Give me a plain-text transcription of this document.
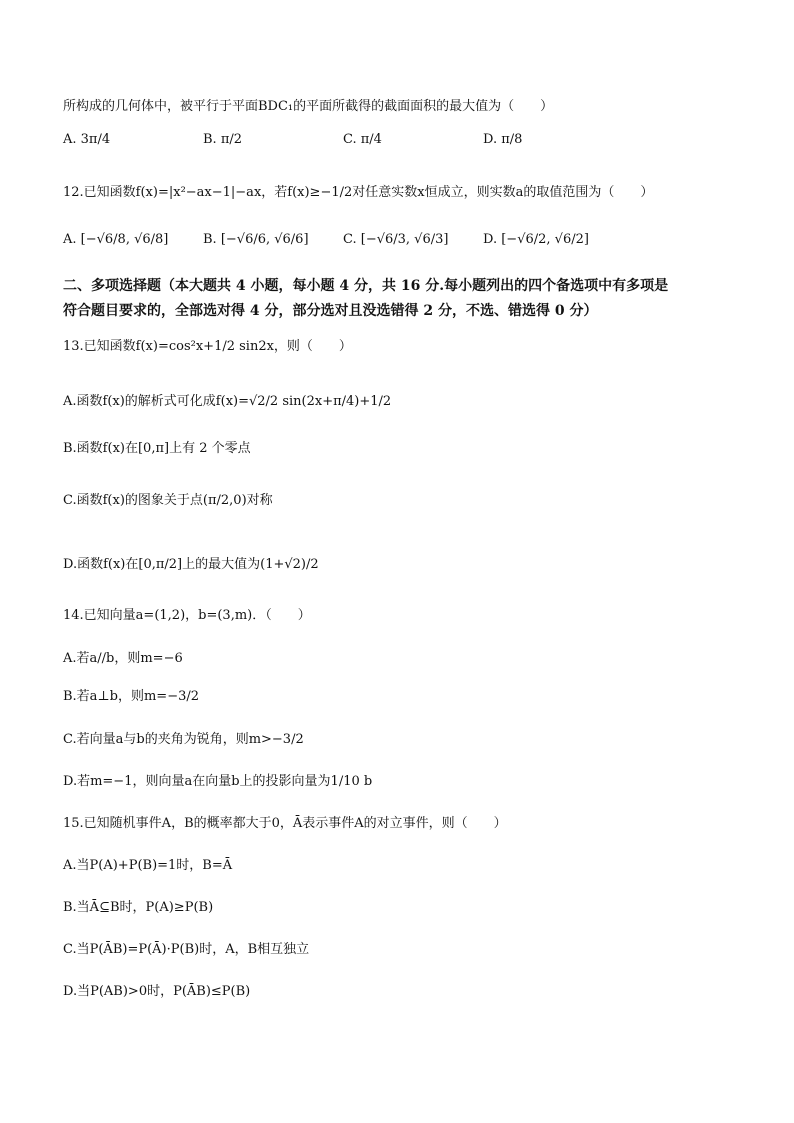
所构成的几何体中，被平行于平面BDC₁的平面所截得的截面面积的最大值为（　　）
A. 3π/4	B. π/2	C. π/4	D. π/8
12.已知函数f(x)=|x²−ax−1|−ax，若f(x)≥−1/2对任意实数x恒成立，则实数a的取值范围为（　　）
A. [−√6/8, √6/8]	B. [−√6/6, √6/6]	C. [−√6/3, √6/3]	D. [−√6/2, √6/2]
二、多项选择题（本大题共 4 小题，每小题 4 分，共 16 分.每小题列出的四个备选项中有多项是
符合题目要求的，全部选对得 4 分，部分选对且没选错得 2 分，不选、错选得 0 分）
13.已知函数f(x)=cos²x+1/2 sin2x，则（　　）
A.函数f(x)的解析式可化成f(x)=√2/2 sin(2x+π/4)+1/2
B.函数f(x)在[0,π]上有 2 个零点
C.函数f(x)的图象关于点(π/2,0)对称
D.函数f(x)在[0,π/2]上的最大值为(1+√2)/2
14.已知向量a=(1,2)，b=(3,m)．（　　）
A.若a//b，则m=−6
B.若a⊥b，则m=−3/2
C.若向量a与b的夹角为锐角，则m>−3/2
D.若m=−1，则向量a在向量b上的投影向量为1/10 b
15.已知随机事件A，B的概率都大于0，Ā表示事件A的对立事件，则（　　）
A.当P(A)+P(B)=1时，B=Ā
B.当Ā⊆B时，P(A)≥P(B)
C.当P(ĀB)=P(Ā)·P(B)时，A，B相互独立
D.当P(AB)>0时，P(ĀB)≤P(B)
